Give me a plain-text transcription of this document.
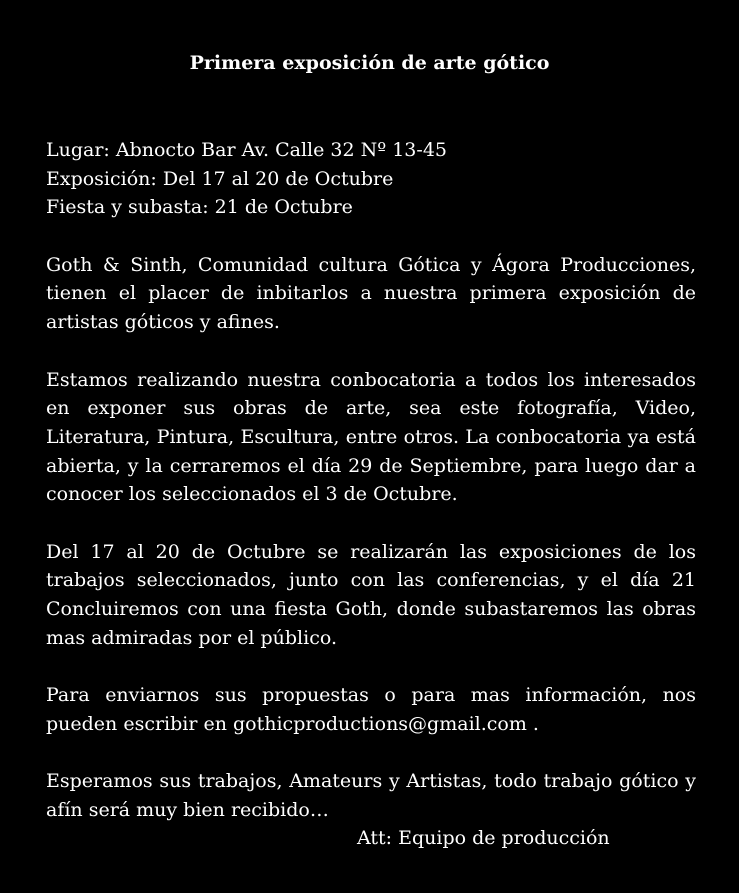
Primera exposición de arte gótico
Lugar: Abnocto Bar Av. Calle 32 Nº 13-45
Exposición: Del 17 al 20 de Octubre
Fiesta y subasta: 21 de Octubre

Goth & Sinth, Comunidad cultura Gótica y Ágora Producciones, tienen el placer de inbitarlos a nuestra primera exposición de artistas góticos y afines.

Estamos realizando nuestra conbocatoria a todos los interesados en exponer sus obras de arte, sea este fotografía, Video, Literatura, Pintura, Escultura, entre otros. La conbocatoria ya está abierta, y la cerraremos el día 29 de Septiembre, para luego dar a conocer los seleccionados el 3 de Octubre.

Del 17 al 20 de Octubre se realizarán las exposiciones de los trabajos seleccionados, junto con las conferencias, y el día 21 Concluiremos con una fiesta Goth, donde subastaremos las obras mas admiradas por el público.

Para enviarnos sus propuestas o para mas información, nos pueden escribir en gothicproductions@gmail.com .

Esperamos sus trabajos, Amateurs y Artistas, todo trabajo gótico y afín será muy bien recibido…

Att: Equipo de producción
